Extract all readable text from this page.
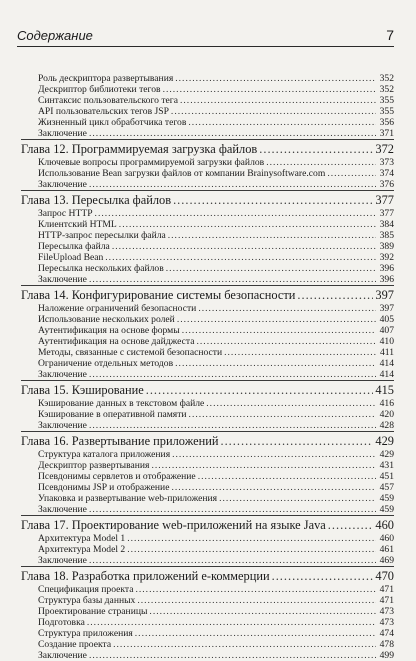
Содержание	7
Роль дескриптора развертывания .....	352
Дескриптор библиотеки тегов .....	352
Синтаксис пользовательского тега .....	355
API пользовательских тегов JSP .....	355
Жизненный цикл обработчика тегов .....	356
Заключение .....	371
Глава 12. Программируемая загрузка файлов .....	372
Ключевые вопросы программируемой загрузки файлов .....	373
Использование Bean загрузки файлов от компании Brainysoftware.com .....	374
Заключение .....	376
Глава 13. Пересылка файлов .....	377
Запрос HTTP .....	377
Клиентский HTML .....	384
HTTP-запрос пересылки файла .....	385
Пересылка файла .....	389
FileUpload Bean .....	392
Пересылка нескольких файлов .....	396
Заключение .....	396
Глава 14. Конфигурирование системы безопасности .....	397
Наложение ограничений безопасности .....	397
Использование нескольких ролей .....	405
Аутентификация на основе формы .....	407
Аутентификация на основе дайджеста .....	410
Методы, связанные с системой безопасности .....	411
Ограничение отдельных методов .....	414
Заключение .....	414
Глава 15. Кэширование .....	415
Кэширование данных в текстовом файле .....	416
Кэширование в оперативной памяти .....	420
Заключение .....	428
Глава 16. Развертывание приложений .....	429
Структура каталога приложения .....	429
Дескриптор развертывания .....	431
Псевдонимы сервлетов и отображение .....	451
Псевдонимы JSP и отображение .....	457
Упаковка и развертывание web-приложения .....	459
Заключение .....	459
Глава 17. Проектирование web-приложений на языке Java .....	460
Архитектура Model 1 .....	460
Архитектура Model 2 .....	461
Заключение .....	469
Глава 18. Разработка приложений e-коммерции .....	470
Спецификация проекта .....	471
Структура базы данных .....	471
Проектирование страницы .....	473
Подготовка .....	473
Структура приложения .....	474
Создание проекта .....	478
Заключение .....	499
